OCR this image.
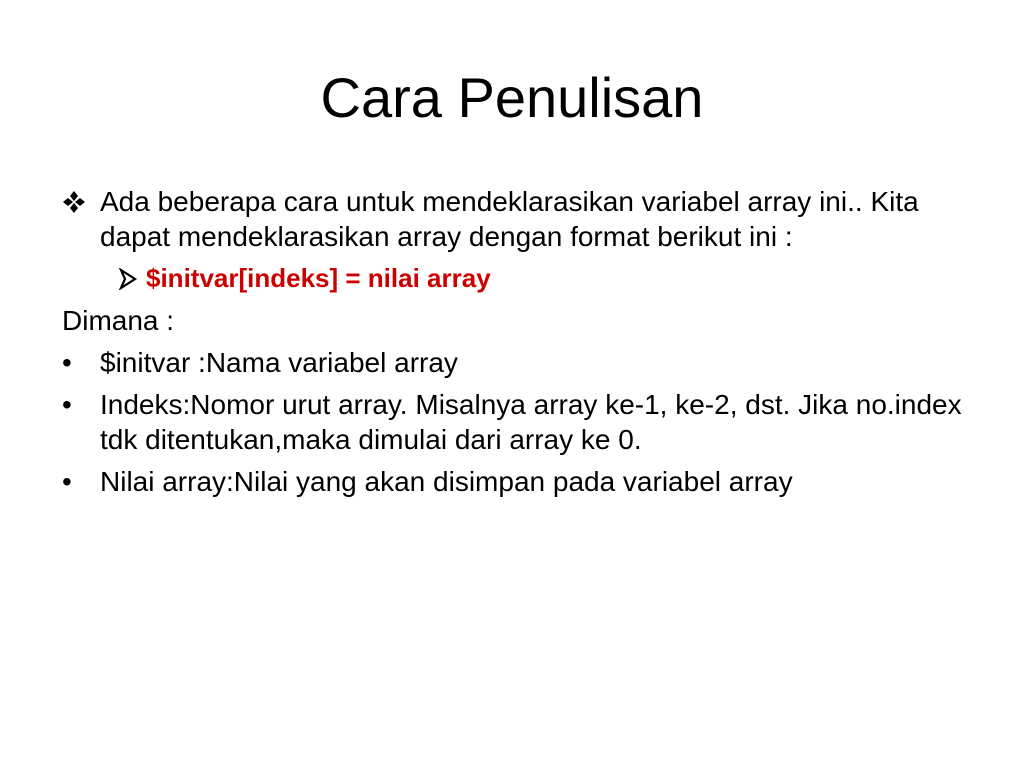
Cara Penulisan

Ada beberapa cara untuk mendeklarasikan variabel array ini.. Kita dapat mendeklarasikan array dengan format berikut ini :

$initvar[indeks] = nilai array

Dimana :

•	$initvar :Nama variabel array

•	Indeks:Nomor urut array. Misalnya array ke-1, ke-2, dst. Jika no.index tdk ditentukan,maka dimulai dari array ke 0.

•	Nilai array:Nilai yang akan disimpan pada variabel array
